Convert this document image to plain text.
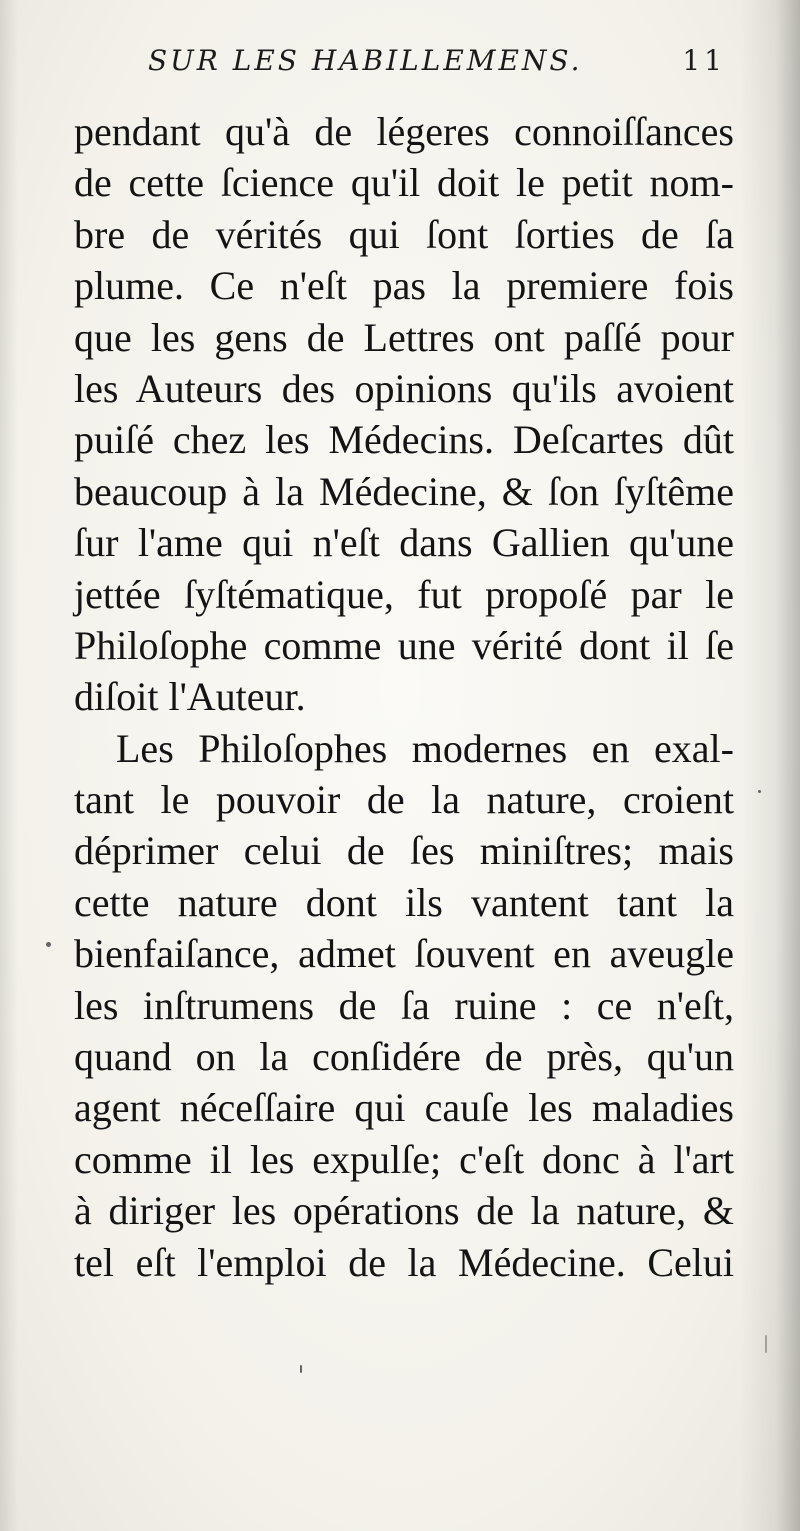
SUR LES HABILLEMENS.	11
pendant qu'à de légeres connoiſſances
de cette ſcience qu'il doit le petit nom-
bre de vérités qui ſont ſorties de ſa
plume. Ce n'eſt pas la premiere fois
que les gens de Lettres ont paſſé pour
les Auteurs des opinions qu'ils avoient
puiſé chez les Médecins. Deſcartes dût
beaucoup à la Médecine, & ſon ſyſtême
ſur l'ame qui n'eſt dans Gallien qu'une
jettée ſyſtématique, fut propoſé par le
Philoſophe comme une vérité dont il ſe
diſoit l'Auteur.
Les Philoſophes modernes en exal-
tant le pouvoir de la nature, croient
déprimer celui de ſes miniſtres; mais
cette nature dont ils vantent tant la
bienfaiſance, admet ſouvent en aveugle
les inſtrumens de ſa ruine : ce n'eſt,
quand on la conſidére de près, qu'un
agent néceſſaire qui cauſe les maladies
comme il les expulſe; c'eſt donc à l'art
à diriger les opérations de la nature, &
tel eſt l'emploi de la Médecine. Celui
